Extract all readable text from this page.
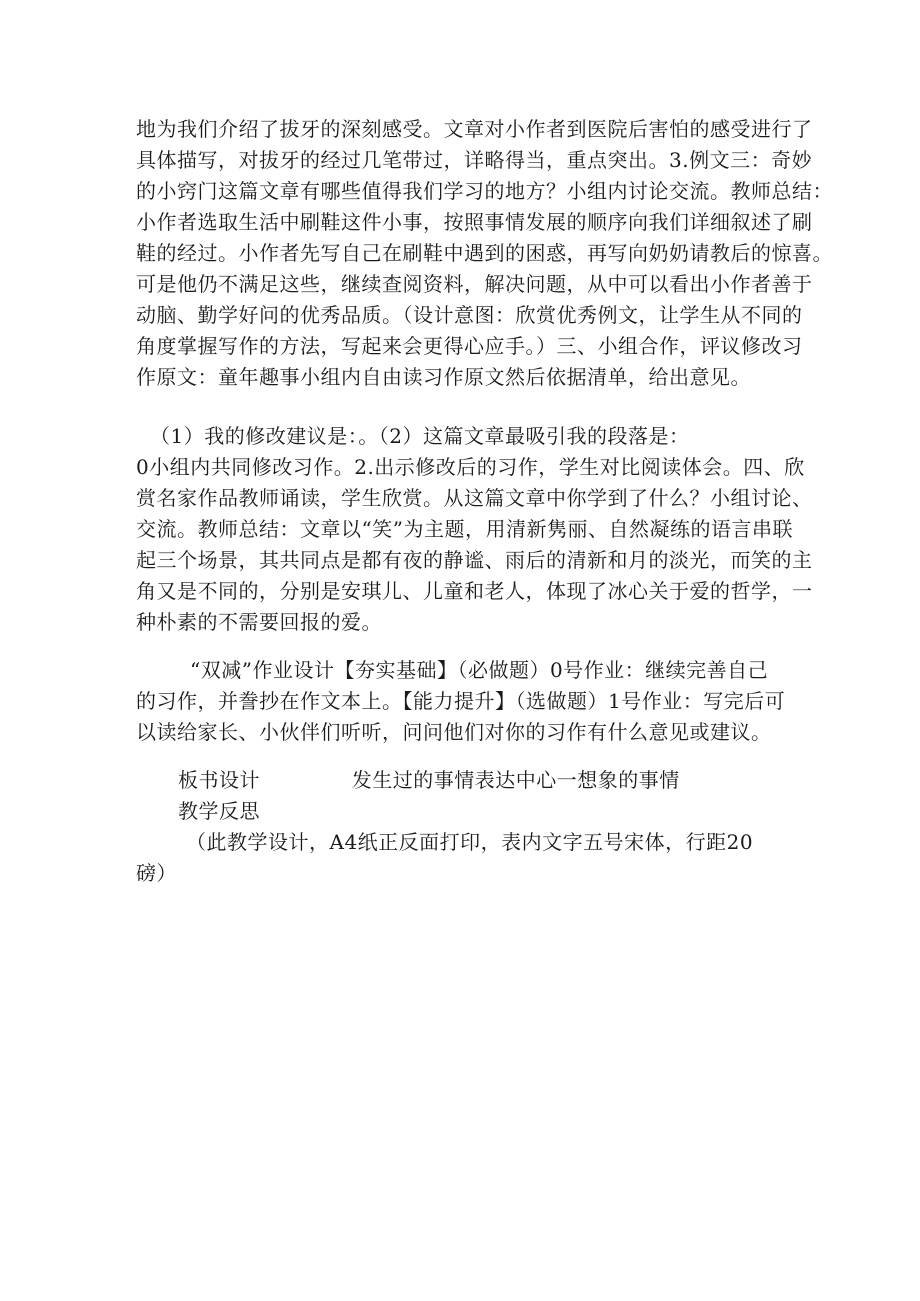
地为我们介绍了拔牙的深刻感受。文章对小作者到医院后害怕的感受进行了
具体描写，对拔牙的经过几笔带过，详略得当，重点突出。3.例文三：奇妙
的小窍门这篇文章有哪些值得我们学习的地方？小组内讨论交流。教师总结：
小作者选取生活中刷鞋这件小事，按照事情发展的顺序向我们详细叙述了刷
鞋的经过。小作者先写自己在刷鞋中遇到的困惑，再写向奶奶请教后的惊喜。
可是他仍不满足这些，继续查阅资料，解决问题，从中可以看出小作者善于
动脑、勤学好问的优秀品质。（设计意图：欣赏优秀例文，让学生从不同的
角度掌握写作的方法，写起来会更得心应手。）三、小组合作，评议修改习
作原文：童年趣事小组内自由读习作原文然后依据清单，给出意见。
（1）我的修改建议是：。（2）这篇文章最吸引我的段落是：
0小组内共同修改习作。2.出示修改后的习作，学生对比阅读体会。四、欣
赏名家作品教师诵读，学生欣赏。从这篇文章中你学到了什么？小组讨论、
交流。教师总结：文章以“笑”为主题，用清新隽丽、自然凝练的语言串联
起三个场景，其共同点是都有夜的静谧、雨后的清新和月的淡光，而笑的主
角又是不同的，分别是安琪儿、儿童和老人，体现了冰心关于爱的哲学，一
种朴素的不需要回报的爱。
“双减”作业设计【夯实基础】（必做题）0号作业：继续完善自己
的习作，并誊抄在作文本上。【能力提升】（选做题）1号作业：写完后可
以读给家长、小伙伴们听听，问问他们对你的习作有什么意见或建议。
板书设计	发生过的事情表达中心一想象的事情
教学反思
（此教学设计，A4纸正反面打印，表内文字五号宋体，行距20
磅）
